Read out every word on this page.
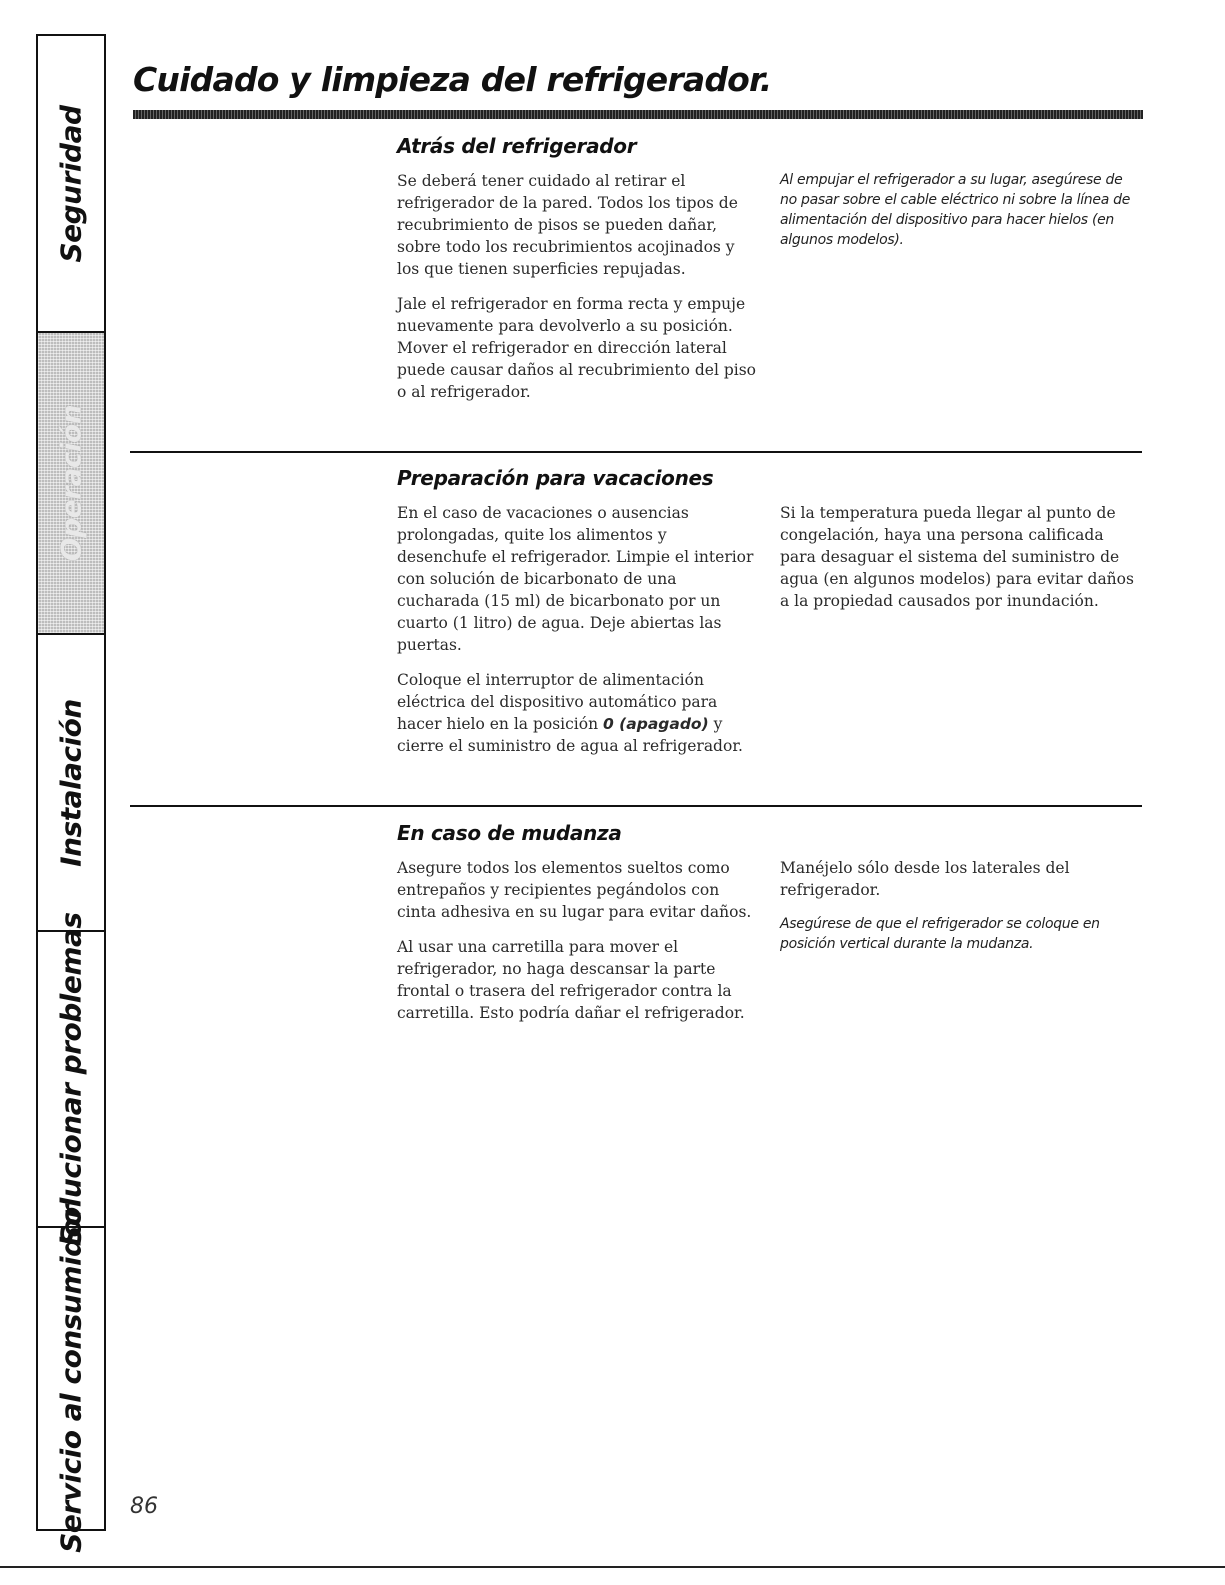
Seguridad
Operación
Instalación
Solucionar problemas
Servicio al consumidor
Cuidado y limpieza del refrigerador.
Atrás del refrigerador

Se deberá tener cuidado al retirar el refrigerador de la pared. Todos los tipos de recubrimiento de pisos se pueden dañar, sobre todo los recubrimientos acojinados y los que tienen superficies repujadas.

Jale el refrigerador en forma recta y empuje nuevamente para devolverlo a su posición. Mover el refrigerador en dirección lateral puede causar daños al recubrimiento del piso o al refrigerador.

Al empujar el refrigerador a su lugar, asegúrese de no pasar sobre el cable eléctrico ni sobre la línea de alimentación del dispositivo para hacer hielos (en algunos modelos).

Preparación para vacaciones

En el caso de vacaciones o ausencias prolongadas, quite los alimentos y desenchufe el refrigerador. Limpie el interior con solución de bicarbonato de una cucharada (15 ml) de bicarbonato por un cuarto (1 litro) de agua. Deje abiertas las puertas.

Coloque el interruptor de alimentación eléctrica del dispositivo automático para hacer hielo en la posición 0 (apagado) y cierre el suministro de agua al refrigerador.

Si la temperatura pueda llegar al punto de congelación, haya una persona calificada para desaguar el sistema del suministro de agua (en algunos modelos) para evitar daños a la propiedad causados por inundación.

En caso de mudanza

Asegure todos los elementos sueltos como entrepaños y recipientes pegándolos con cinta adhesiva en su lugar para evitar daños.

Al usar una carretilla para mover el refrigerador, no haga descansar la parte frontal o trasera del refrigerador contra la carretilla. Esto podría dañar el refrigerador.

Manéjelo sólo desde los laterales del refrigerador.

Asegúrese de que el refrigerador se coloque en posición vertical durante la mudanza.

86
